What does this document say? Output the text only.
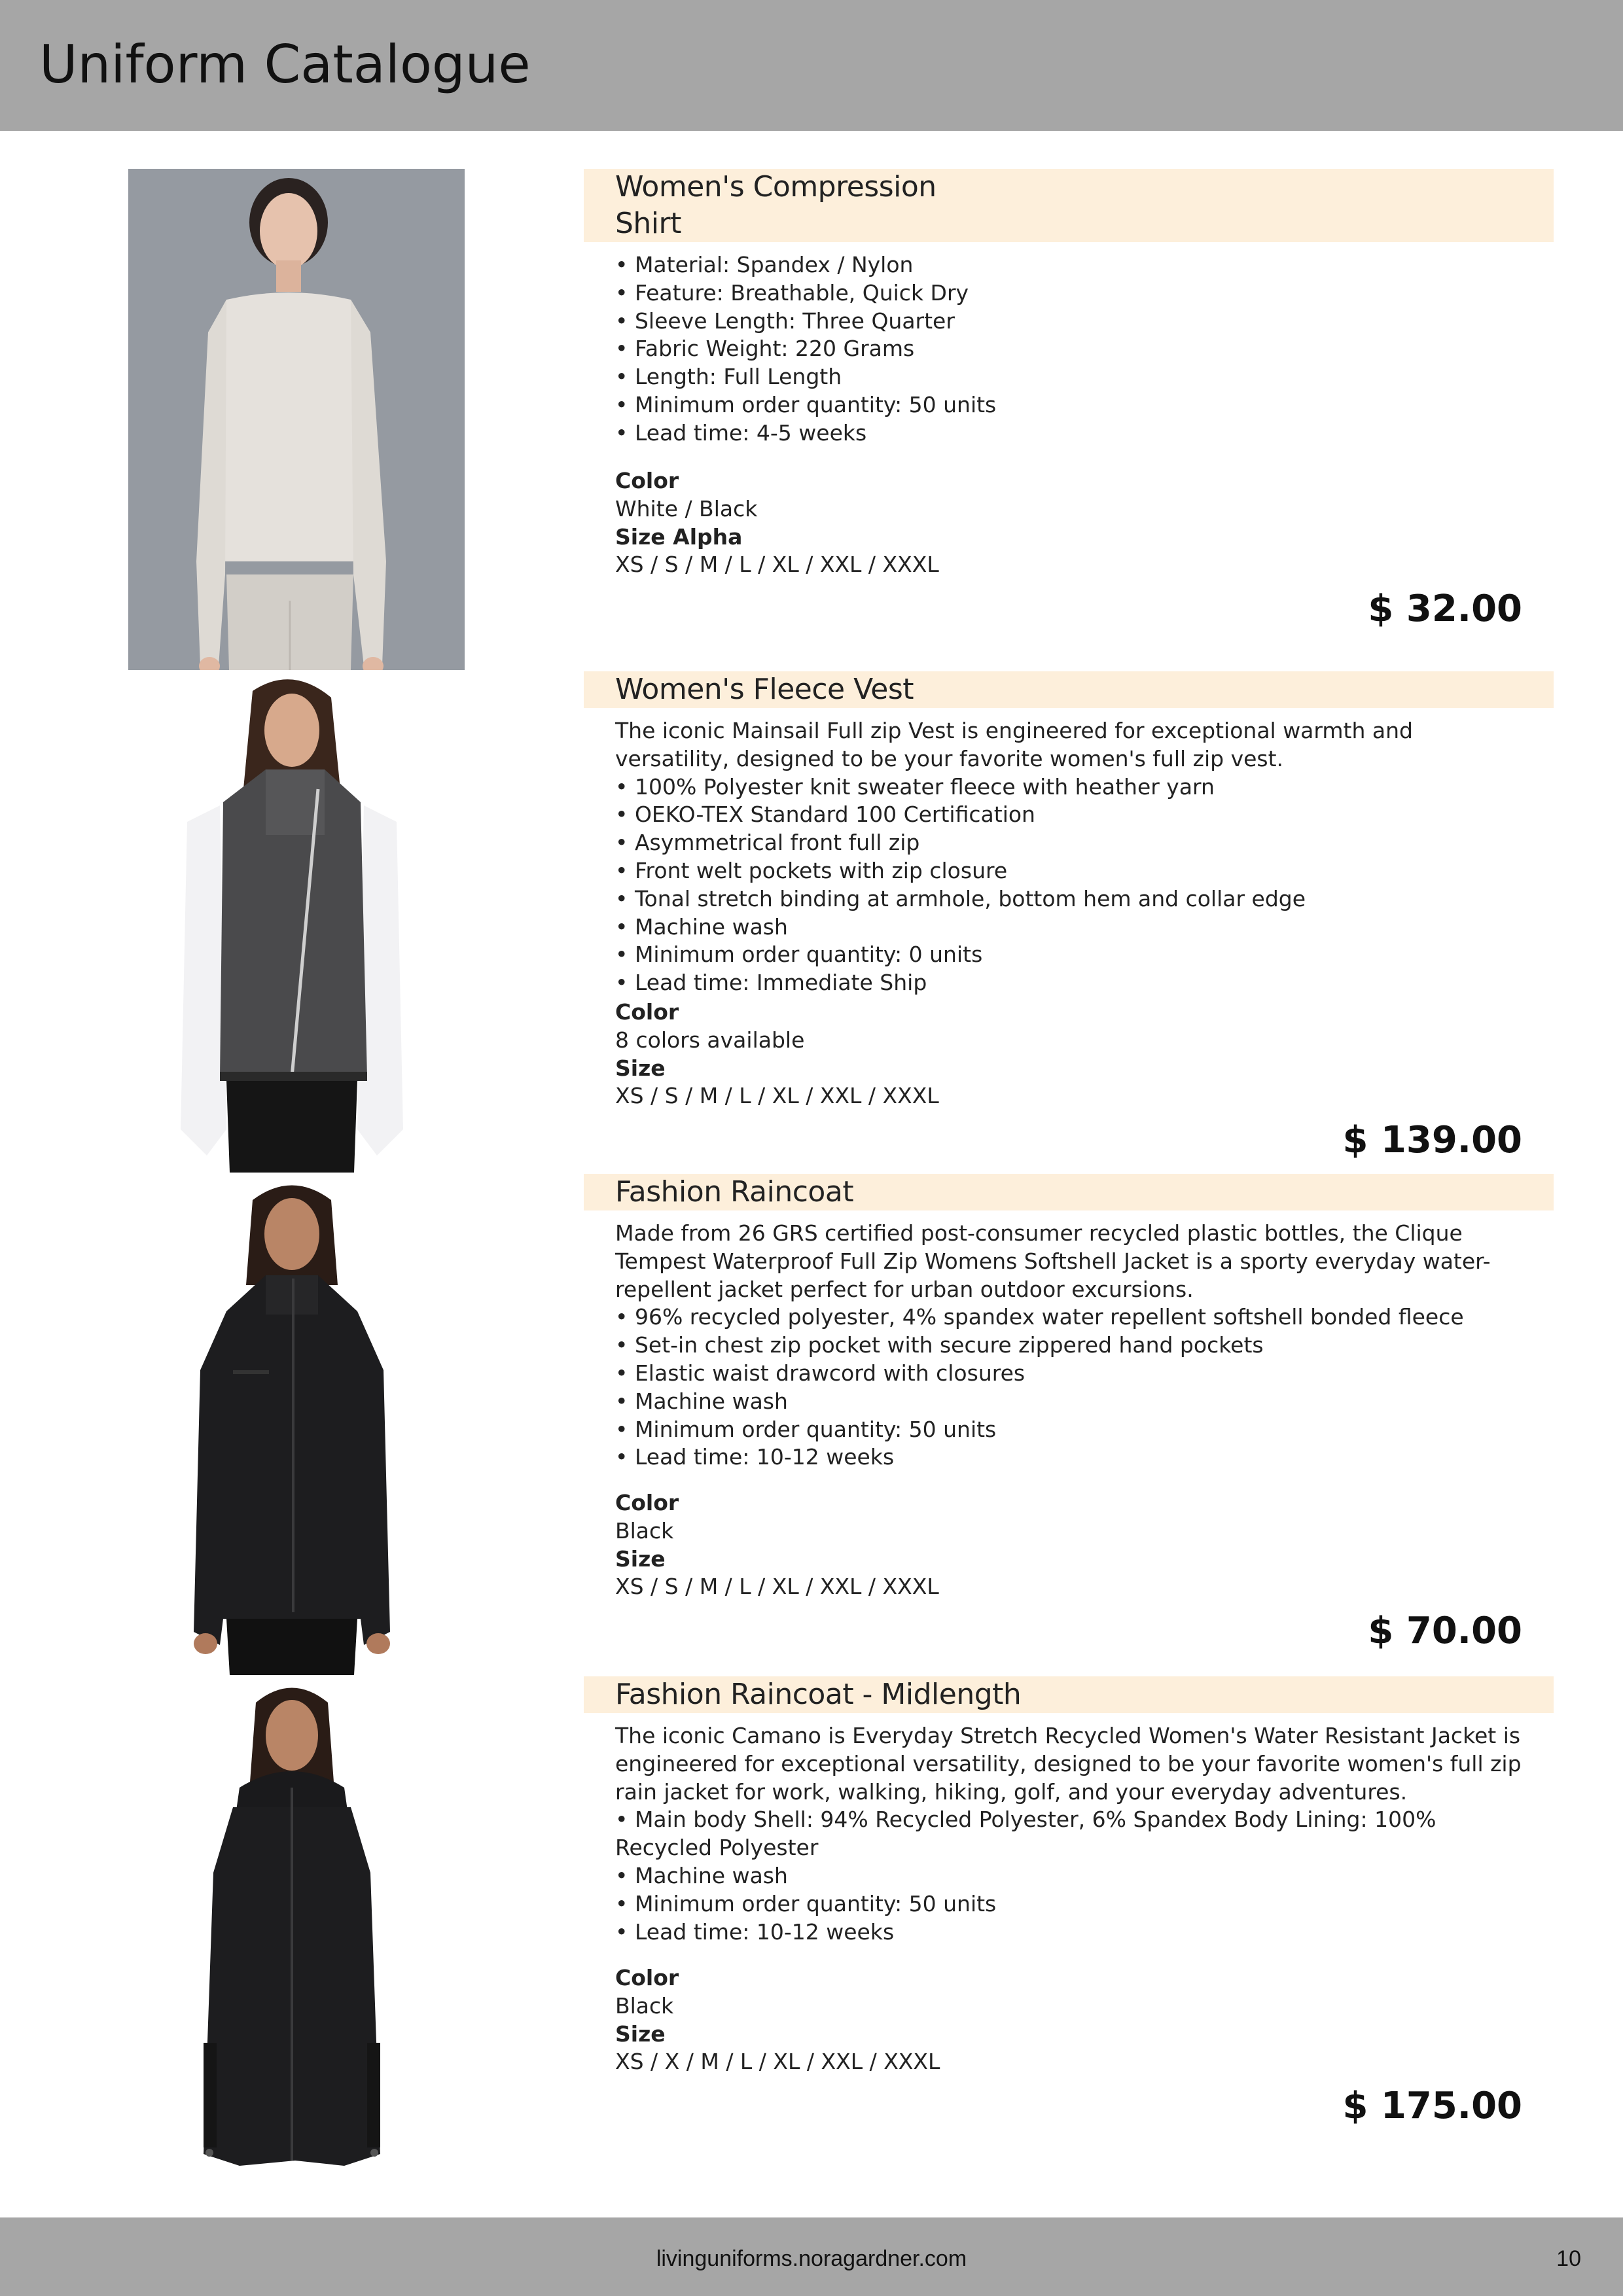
Uniform Catalogue
Women's Compression
Shirt

• Material: Spandex / Nylon

• Feature: Breathable, Quick Dry

• Sleeve Length: Three Quarter

• Fabric Weight: 220 Grams

• Length: Full Length

• Minimum order quantity: 50 units

• Lead time: 4-5 weeks

Color
White / Black
Size Alpha
XS / S / M / L / XL / XXL / XXXL
$ 32.00
Women's Fleece Vest

The iconic Mainsail Full zip Vest is engineered for exceptional warmth and versatility, designed to be your favorite women's full zip vest.

• 100% Polyester knit sweater fleece with heather yarn

• OEKO-TEX Standard 100 Certification

• Asymmetrical front full zip

• Front welt pockets with zip closure

• Tonal stretch binding at armhole, bottom hem and collar edge

• Machine wash

• Minimum order quantity: 0 units

• Lead time: Immediate Ship

Color
8 colors available
Size
XS / S / M / L / XL / XXL / XXXL
$ 139.00
Fashion Raincoat

Made from 26 GRS certified post-consumer recycled plastic bottles, the Clique Tempest Waterproof Full Zip Womens Softshell Jacket is a sporty everyday water-repellent jacket perfect for urban outdoor excursions.

• 96% recycled polyester, 4% spandex water repellent softshell bonded fleece

• Set-in chest zip pocket with secure zippered hand pockets

• Elastic waist drawcord with closures

• Machine wash

• Minimum order quantity: 50 units

• Lead time: 10-12 weeks

Color
Black
Size
XS / S / M / L / XL / XXL / XXXL
$ 70.00
Fashion Raincoat - Midlength

The iconic Camano is Everyday Stretch Recycled Women's Water Resistant Jacket is engineered for exceptional versatility, designed to be your favorite women's full zip rain jacket for work, walking, hiking, golf, and your everyday adventures.

• Main body Shell: 94% Recycled Polyester, 6% Spandex Body Lining: 100% Recycled Polyester

• Machine wash

• Minimum order quantity: 50 units

• Lead time: 10-12 weeks

Color
Black
Size
XS / X / M / L / XL / XXL / XXXL
$ 175.00
livinguniforms.noragardner.com	10
